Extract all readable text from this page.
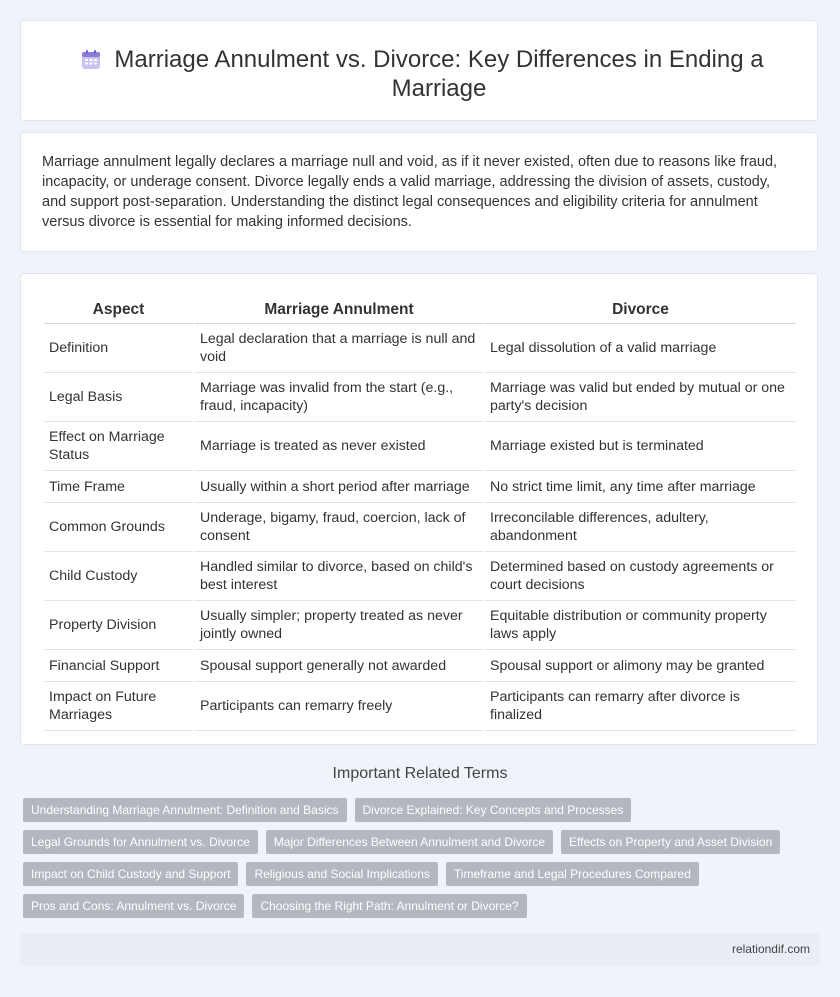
Marriage Annulment vs. Divorce: Key Differences in Ending a Marriage

Marriage annulment legally declares a marriage null and void, as if it never existed, often due to reasons like fraud, incapacity, or underage consent. Divorce legally ends a valid marriage, addressing the division of assets, custody, and support post-separation. Understanding the distinct legal consequences and eligibility criteria for annulment versus divorce is essential for making informed decisions.

Aspect	Marriage Annulment	Divorce
Definition	Legal declaration that a marriage is null and void	Legal dissolution of a valid marriage
Legal Basis	Marriage was invalid from the start (e.g., fraud, incapacity)	Marriage was valid but ended by mutual or one party's decision
Effect on Marriage Status	Marriage is treated as never existed	Marriage existed but is terminated
Time Frame	Usually within a short period after marriage	No strict time limit, any time after marriage
Common Grounds	Underage, bigamy, fraud, coercion, lack of consent	Irreconcilable differences, adultery, abandonment
Child Custody	Handled similar to divorce, based on child's best interest	Determined based on custody agreements or court decisions
Property Division	Usually simpler; property treated as never jointly owned	Equitable distribution or community property laws apply
Financial Support	Spousal support generally not awarded	Spousal support or alimony may be granted
Impact on Future Marriages	Participants can remarry freely	Participants can remarry after divorce is finalized
Important Related Terms
Understanding Marriage Annulment: Definition and Basics	Divorce Explained: Key Concepts and Processes
Legal Grounds for Annulment vs. Divorce	Major Differences Between Annulment and Divorce	Effects on Property and Asset Division
Impact on Child Custody and Support	Religious and Social Implications	Timeframe and Legal Procedures Compared
Pros and Cons: Annulment vs. Divorce	Choosing the Right Path: Annulment or Divorce?
relationdif.com
